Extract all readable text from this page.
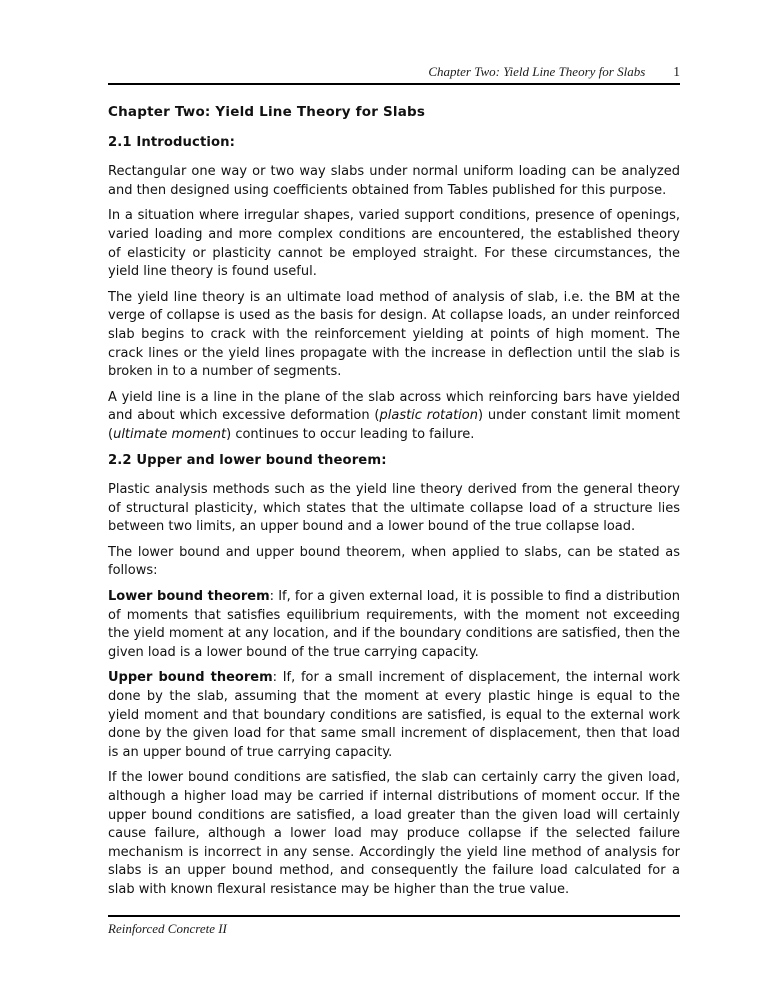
Chapter Two: Yield Line Theory for Slabs 1
Chapter Two: Yield Line Theory for Slabs
2.1 Introduction:

Rectangular one way or two way slabs under normal uniform loading can be analyzed and then designed using coefficients obtained from Tables published for this purpose.

In a situation where irregular shapes, varied support conditions, presence of openings, varied loading and more complex conditions are encountered, the established theory of elasticity or plasticity cannot be employed straight. For these circumstances, the yield line theory is found useful.

The yield line theory is an ultimate load method of analysis of slab, i.e. the BM at the verge of collapse is used as the basis for design. At collapse loads, an under reinforced slab begins to crack with the reinforcement yielding at points of high moment. The crack lines or the yield lines propagate with the increase in deflection until the slab is broken in to a number of segments.

A yield line is a line in the plane of the slab across which reinforcing bars have yielded and about which excessive deformation (plastic rotation) under constant limit moment (ultimate moment) continues to occur leading to failure.

2.2 Upper and lower bound theorem:

Plastic analysis methods such as the yield line theory derived from the general theory of structural plasticity, which states that the ultimate collapse load of a structure lies between two limits, an upper bound and a lower bound of the true collapse load.

The lower bound and upper bound theorem, when applied to slabs, can be stated as follows:

Lower bound theorem: If, for a given external load, it is possible to find a distribution of moments that satisfies equilibrium requirements, with the moment not exceeding the yield moment at any location, and if the boundary conditions are satisfied, then the given load is a lower bound of the true carrying capacity.

Upper bound theorem: If, for a small increment of displacement, the internal work done by the slab, assuming that the moment at every plastic hinge is equal to the yield moment and that boundary conditions are satisfied, is equal to the external work done by the given load for that same small increment of displacement, then that load is an upper bound of true carrying capacity.

If the lower bound conditions are satisfied, the slab can certainly carry the given load, although a higher load may be carried if internal distributions of moment occur. If the upper bound conditions are satisfied, a load greater than the given load will certainly cause failure, although a lower load may produce collapse if the selected failure mechanism is incorrect in any sense. Accordingly the yield line method of analysis for slabs is an upper bound method, and consequently the failure load calculated for a slab with known flexural resistance may be higher than the true value.

Reinforced Concrete II
